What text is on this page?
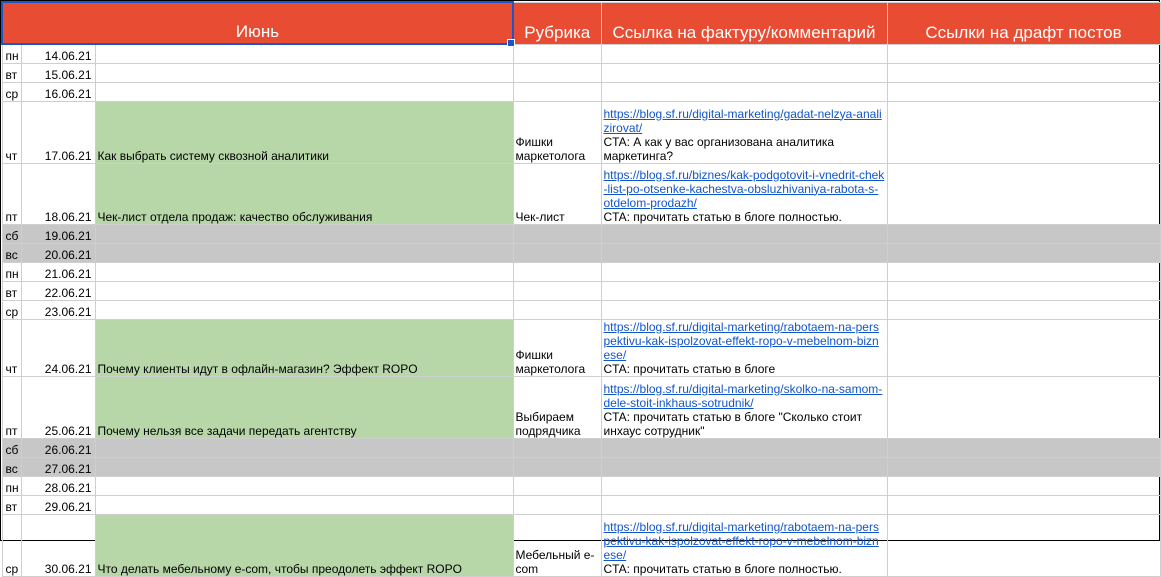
Июнь			Рубрика	Ссылка на фактуру/комментарий	Ссылки на драфт постов
пн	14.06.21				
вт	15.06.21				
ср	16.06.21				
чт	17.06.21	Как выбрать систему сквозной аналитики	Фишки маркетолога	https://blog.sf.ru/digital-marketing/gadat-nelzya-analizirovat/
CTA: А как у вас организована аналитика маркетинга?	
пт	18.06.21	Чек-лист отдела продаж: качество обслуживания	Чек-лист	https://blog.sf.ru/biznes/kak-podgotovit-i-vnedrit-chek-list-po-otsenke-kachestva-obsluzhivaniya-rabota-s-otdelom-prodazh/
CTA: прочитать статью в блоге полностью.	
сб	19.06.21				
вс	20.06.21				
пн	21.06.21				
вт	22.06.21				
ср	23.06.21				
чт	24.06.21	Почему клиенты идут в офлайн-магазин? Эффект ROPO	Фишки маркетолога	https://blog.sf.ru/digital-marketing/rabotaem-na-perspektivu-kak-ispolzovat-effekt-ropo-v-mebelnom-biznese/
CTA: прочитать статью в блоге	
пт	25.06.21	Почему нельзя все задачи передать агентству	Выбираем подрядчика	https://blog.sf.ru/digital-marketing/skolko-na-samom-dele-stoit-inkhaus-sotrudnik/
CTA: прочитать статью в блоге "Сколько стоит инхаус сотрудник"	
сб	26.06.21				
вс	27.06.21				
пн	28.06.21				
вт	29.06.21				
ср	30.06.21	Что делать мебельному e-com, чтобы преодолеть эффект ROPO	Мебельный e-com	https://blog.sf.ru/digital-marketing/rabotaem-na-perspektivu-kak-ispolzovat-effekt-ropo-v-mebelnom-biznese/
CTA: прочитать статью в блоге полностью.	
